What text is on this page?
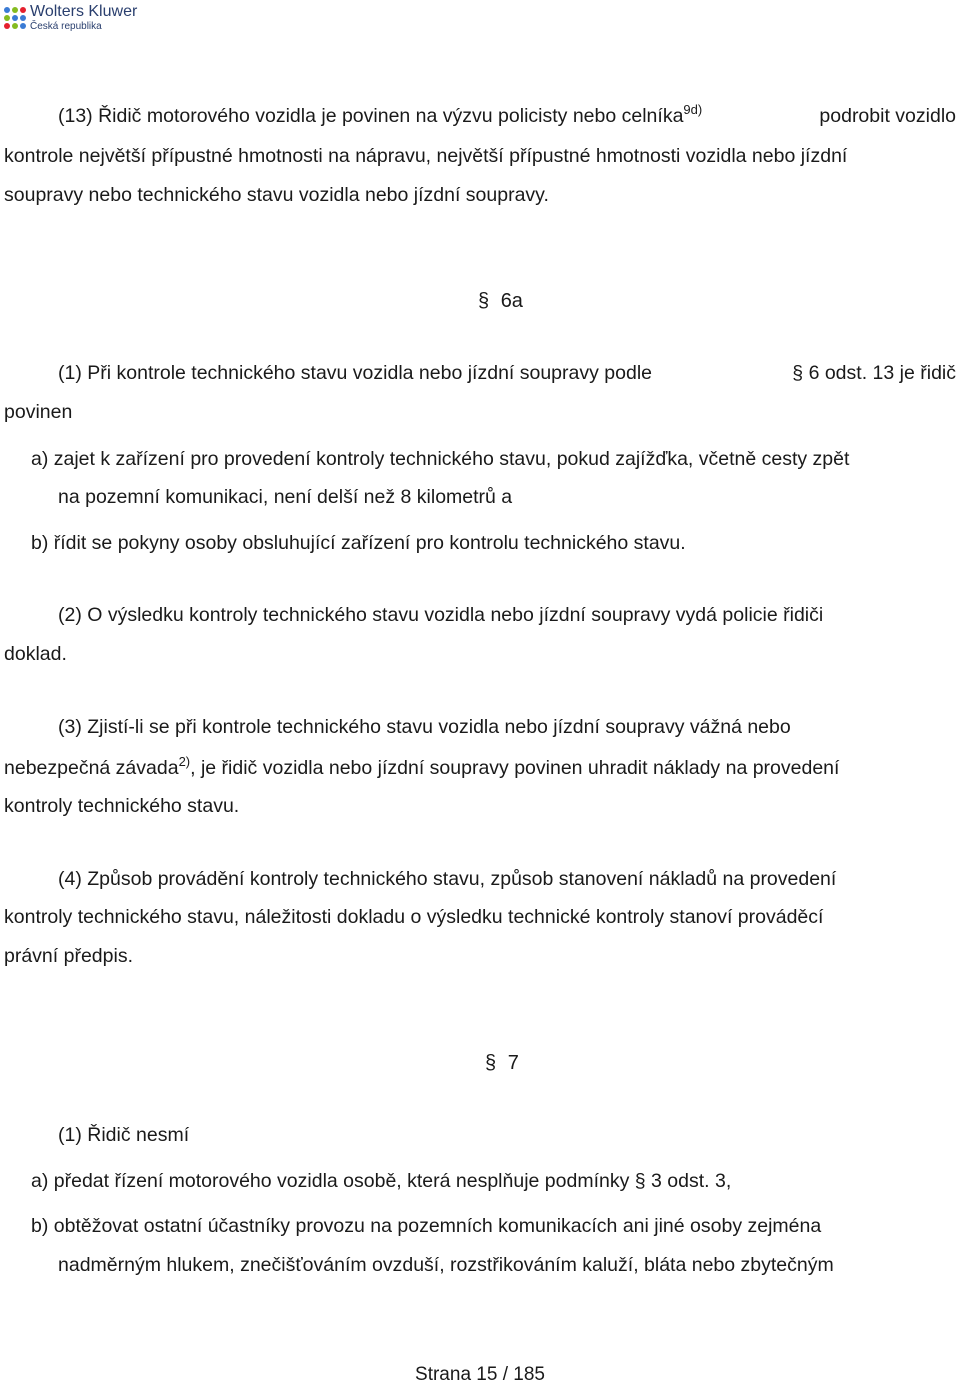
Wolters Kluwer
Česká republika
(13) Řidič motorového vozidla je povinen na výzvu policisty nebo celníka$^{9d)}$	podrobit vozidlo
kontrole největší přípustné hmotnosti na nápravu, největší přípustné hmotnosti vozidla nebo jízdní
soupravy nebo technického stavu vozidla nebo jízdní soupravy.
§ 6a
(1) Při kontrole technického stavu vozidla nebo jízdní soupravy podle	§ 6 odst. 13 je řidič
povinen
a) zajet k zařízení pro provedení kontroly technického stavu, pokud zajížďka, včetně cesty zpět
na pozemní komunikaci, není delší než 8 kilometrů a
b) řídit se pokyny osoby obsluhující zařízení pro kontrolu technického stavu.
(2) O výsledku kontroly technického stavu vozidla nebo jízdní soupravy vydá policie řidiči
doklad.
(3) Zjistí-li se při kontrole technického stavu vozidla nebo jízdní soupravy vážná nebo
nebezpečná závada$^{2)}$, je řidič vozidla nebo jízdní soupravy povinen uhradit náklady na provedení
kontroly technického stavu.
(4) Způsob provádění kontroly technického stavu, způsob stanovení nákladů na provedení
kontroly technického stavu, náležitosti dokladu o výsledku technické kontroly stanoví prováděcí
právní předpis.
§ 7
(1) Řidič nesmí
a) předat řízení motorového vozidla osobě, která nesplňuje podmínky § 3 odst. 3,
b) obtěžovat ostatní účastníky provozu na pozemních komunikacích ani jiné osoby zejména
nadměrným hlukem, znečišťováním ovzduší, rozstřikováním kaluží, bláta nebo zbytečným
Strana 15 / 185
